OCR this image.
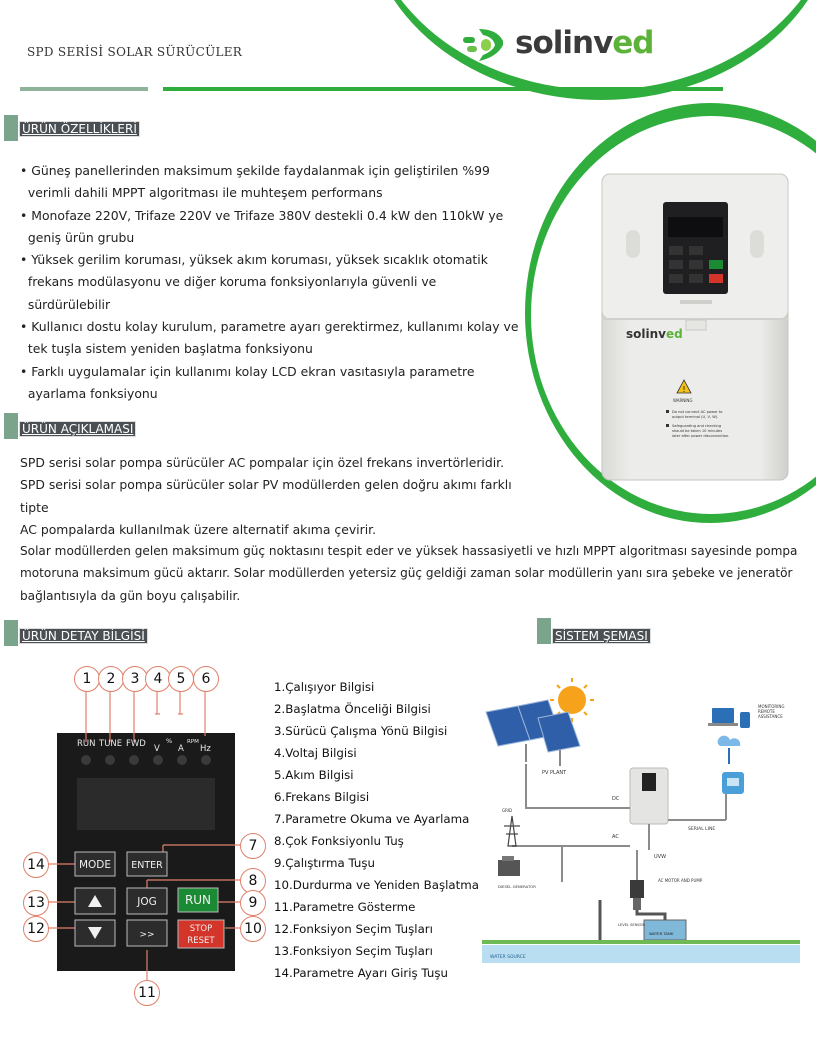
SPD SERİSİ SOLAR SÜRÜCÜLER	solinved
ÜRÜN ÖZELLİKLERİ
• Güneş panellerinden maksimum şekilde faydalanmak için geliştirilen %99
verimli dahili MPPT algoritması ile muhteşem performans
• Monofaze 220V, Trifaze 220V ve Trifaze 380V destekli 0.4 kW den 110kW ye
geniş ürün grubu
• Yüksek gerilim koruması, yüksek akım koruması, yüksek sıcaklık otomatik
frekans modülasyonu ve diğer koruma fonksiyonlarıyla güvenli ve
sürdürülebilir
• Kullanıcı dostu kolay kurulum, parametre ayarı gerektirmez, kullanımı kolay ve
tek tuşla sistem yeniden başlatma fonksiyonu
• Farklı uygulamalar için kullanımı kolay LCD ekran vasıtasıyla parametre
ayarlama fonksiyonu
ÜRÜN AÇIKLAMASI
SPD serisi solar pompa sürücüler AC pompalar için özel frekans invertörleridir.
SPD serisi solar pompa sürücüler solar PV modüllerden gelen doğru akımı farklı tipte
AC pompalarda kullanılmak üzere alternatif akıma çevirir.
Solar modüllerden gelen maksimum güç noktasını tespit eder ve yüksek hassasiyetli ve hızlı MPPT algoritması sayesinde pompa
motoruna maksimum gücü aktarır. Solar modüllerden yetersiz güç geldiği zaman solar modüllerin yanı sıra şebeke ve jeneratör
bağlantısıyla da gün boyu çalışabilir.
solinved
!
WARNING
Do not connect AC power to
output terminal (U, V, W).
Safeguarding and checking
should be taken 10 minutes
later after power disconnection.
ÜRÜN DETAY BİLGİSİ	SİSTEM ŞEMASI
RUN TUNE FWD V A Hz
%	RPM
MODE ENTER
JOG RUN
>>
STOP
RESET
1	2	3	4	5	6
7
8
9
10
11
12
13
14
1.Çalışıyor Bilgisi
2.Başlatma Önceliği Bilgisi
3.Sürücü Çalışma Yönü Bilgisi
4.Voltaj Bilgisi
5.Akım Bilgisi
6.Frekans Bilgisi
7.Parametre Okuma ve Ayarlama
8.Çok Fonksiyonlu Tuş
9.Çalıştırma Tuşu
10.Durdurma ve Yeniden Başlatma
11.Parametre Gösterme
12.Fonksiyon Seçim Tuşları
13.Fonksiyon Seçim Tuşları
14.Parametre Ayarı Giriş Tuşu
PV PLANT
MONITORING
REMOTE
ASSISTANCE
DC
AC
SERIAL LINE
UVW
GRID
DIESEL GENERATOR
AC MOTOR AND PUMP
WATER TANK
LEVEL SENSOR
WATER SOURCE
